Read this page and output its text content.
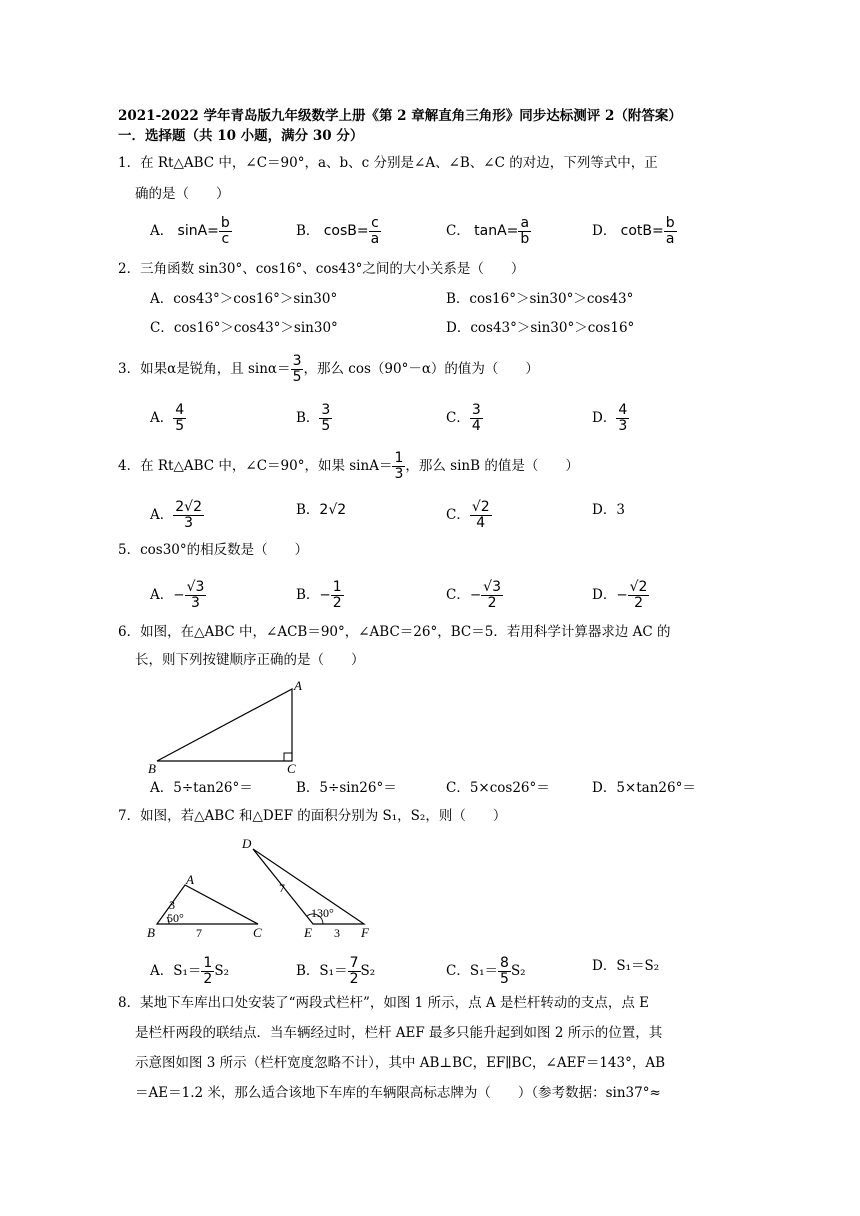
2021-2022 学年青岛版九年级数学上册《第 2 章解直角三角形》同步达标测评 2（附答案）
一．选择题（共 10 小题，满分 30 分）
1．在 Rt△ABC 中，∠C＝90°，a、b、c 分别是∠A、∠B、∠C 的对边，下列等式中，正
确的是（　　）
A． $\sin A= \frac{b}{c}$	B． $\cos B= \frac{c}{a}$	C． $\tan A= \frac{a}{b}$	D． $\cot B= \frac{b}{a}$
2．三角函数 sin30°、cos16°、cos43°之间的大小关系是（　　）
A．cos43°＞cos16°＞sin30°	B．cos16°＞sin30°＞cos43°
C．cos16°＞cos43°＞sin30°	D．cos43°＞sin30°＞cos16°
3．如果α是锐角，且 $\sin\alpha= \frac{3}{5}$ ，那么 cos（90°－α）的值为（　　）
A． $\frac{4}{5}$	B． $\frac{3}{5}$	C． $\frac{3}{4}$	D． $\frac{4}{3}$
4．在 Rt△ABC 中，∠C＝90°，如果 $\sin A= \frac{1}{3}$ ，那么 sinB 的值是（　　）
A． $\frac{2√2}{3}$	B．2√2	C． $\frac{√2}{4}$	D．3
5．cos30°的相反数是（　　）
A．− $\frac{√3}{3}$	B．− $\frac{1}{2}$	C．− $\frac{√3}{2}$	D．− $\frac{√2}{2}$
6．如图，在△ABC 中，∠ACB＝90°，∠ABC＝26°，BC＝5．若用科学计算器求边 AC 的
长，则下列按键顺序正确的是（　　）
A
B	C
A．5÷tan26°＝	B．5÷sin26°＝	C．5×cos26°＝	D．5×tan26°＝
7．如图，若△ABC 和△DEF 的面积分别为 S₁，S₂，则（　　）
A
B	C
3
50°
7
D
E	F
7
130°
3
A．$S_1= \frac{1}{2} S_2$	B．$S_1= \frac{7}{2} S_2$	C．$S_1= \frac{8}{5} S_2$	D．S₁＝S₂
8．某地下车库出口处安装了“两段式栏杆”，如图 1 所示，点 A 是栏杆转动的支点，点 E
是栏杆两段的联结点．当车辆经过时，栏杆 AEF 最多只能升起到如图 2 所示的位置，其
示意图如图 3 所示（栏杆宽度忽略不计），其中 AB⊥BC，EF∥BC，∠AEF＝143°，AB
＝AE＝1.2 米，那么适合该地下车库的车辆限高标志牌为（　　）（参考数据：sin37°≈
